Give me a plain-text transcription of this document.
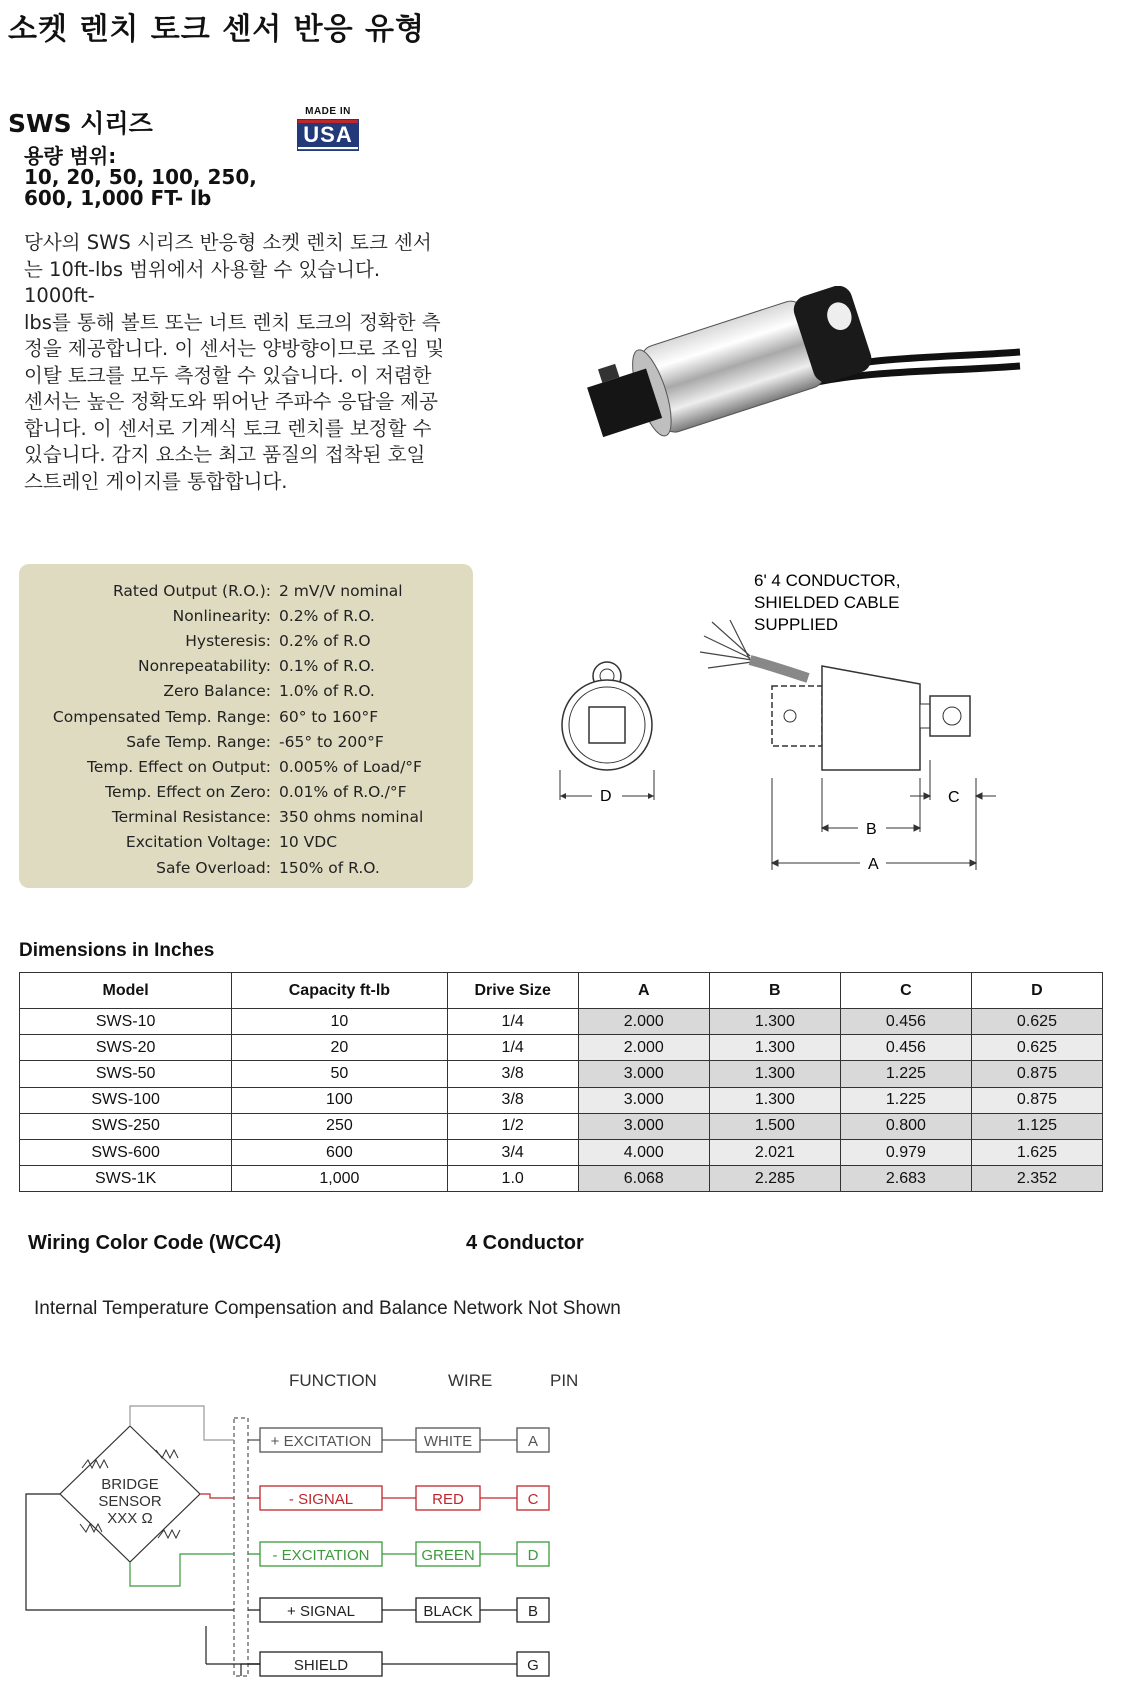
소켓 렌치 토크 센서 반응 유형
SWS 시리즈	MADE IN
USA
용량 범위:
10, 20, 50, 100, 250,
600, 1,000 FT- lb
당사의 SWS 시리즈 반응형 소켓 렌치 토크 센서
는 10ft-lbs 범위에서 사용할 수 있습니다. 1000ft-
lbs를 통해 볼트 또는 너트 렌치 토크의 정확한 측
정을 제공합니다. 이 센서는 양방향이므로 조임 및
이탈 토크를 모두 측정할 수 있습니다. 이 저렴한
센서는 높은 정확도와 뛰어난 주파수 응답을 제공
합니다. 이 센서로 기계식 토크 렌치를 보정할 수
있습니다. 감지 요소는 최고 품질의 접착된 호일
스트레인 게이지를 통합합니다.
Rated Output (R.O.):	2 mV/V nominal
Nonlinearity:	0.2% of R.O.
Hysteresis:	0.2% of R.O
Nonrepeatability:	0.1% of R.O.
Zero Balance:	1.0% of R.O.
Compensated Temp. Range:	60° to 160°F
Safe Temp. Range:	-65° to 200°F
Temp. Effect on Output:	0.005% of Load/°F
Temp. Effect on Zero:	0.01% of R.O./°F
Terminal Resistance:	350 ohms nominal
Excitation Voltage:	10 VDC
Safe Overload:	150% of R.O.
6' 4 CONDUCTOR,
SHIELDED CABLE
SUPPLIED
D
B
A
C
Dimensions in Inches
Model	Capacity ft-lb	Drive Size	A	B	C	D
SWS-10	10	1/4	2.000	1.300	0.456	0.625
SWS-20	20	1/4	2.000	1.300	0.456	0.625
SWS-50	50	3/8	3.000	1.300	1.225	0.875
SWS-100	100	3/8	3.000	1.300	1.225	0.875
SWS-250	250	1/2	3.000	1.500	0.800	1.125
SWS-600	600	3/4	4.000	2.021	0.979	1.625
SWS-1K	1,000	1.0	6.068	2.285	2.683	2.352
Wiring Color Code (WCC4)	4 Conductor
Internal Temperature Compensation and Balance Network Not Shown
FUNCTION	WIRE	PIN
BRIDGE
SENSOR
XXX Ω
+ EXCITATION	WHITE	A
- SIGNAL	RED	C
- EXCITATION	GREEN	D
+ SIGNAL	BLACK	B
SHIELD	G
